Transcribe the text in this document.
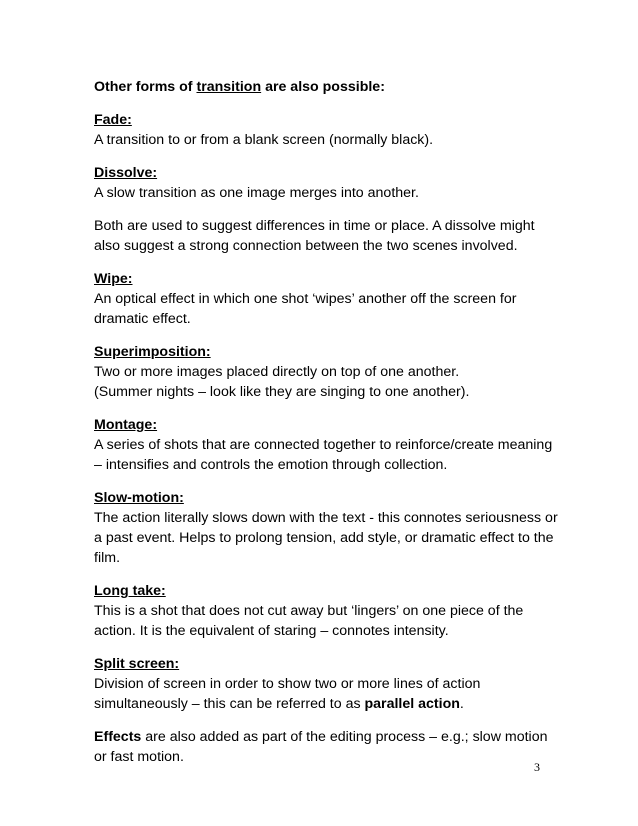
Other forms of transition are also possible:

Fade:
A transition to or from a blank screen (normally black).
Dissolve:
A slow transition as one image merges into another.
Both are used to suggest differences in time or place. A dissolve might also suggest a strong connection between the two scenes involved.
Wipe:
An optical effect in which one shot ‘wipes’ another off the screen for dramatic effect.
Superimposition:
Two or more images placed directly on top of one another.
(Summer nights – look like they are singing to one another).
Montage:
A series of shots that are connected together to reinforce/create meaning – intensifies and controls the emotion through collection.
Slow-motion:
The action literally slows down with the text - this connotes seriousness or a past event. Helps to prolong tension, add style, or dramatic effect to the film.
Long take:
This is a shot that does not cut away but ‘lingers’ on one piece of the action. It is the equivalent of staring – connotes intensity.
Split screen:
Division of screen in order to show two or more lines of action simultaneously – this can be referred to as parallel action.
Effects are also added as part of the editing process – e.g.; slow motion or fast motion.
3
